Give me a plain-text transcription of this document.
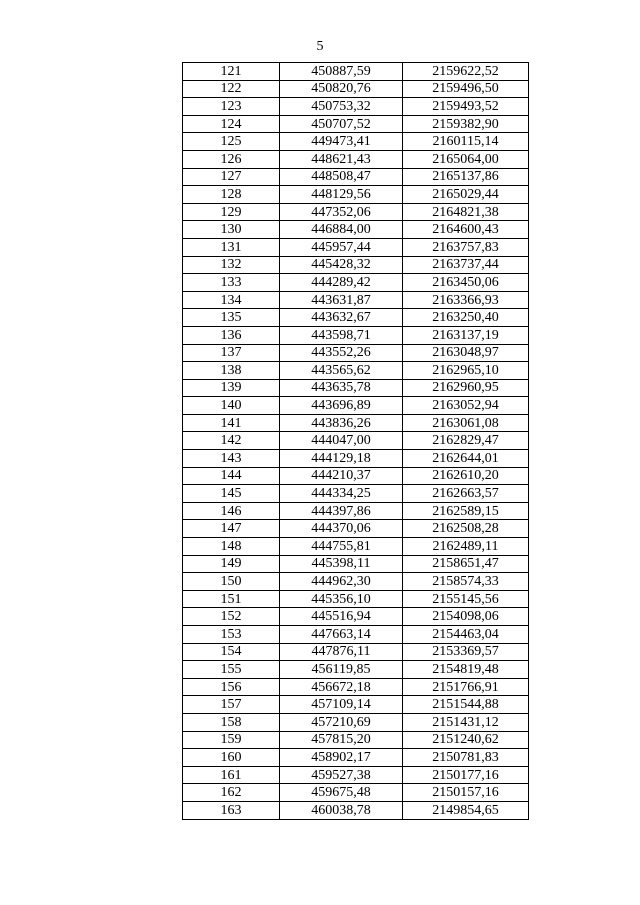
5
121	450887,59	2159622,52
122	450820,76	2159496,50
123	450753,32	2159493,52
124	450707,52	2159382,90
125	449473,41	2160115,14
126	448621,43	2165064,00
127	448508,47	2165137,86
128	448129,56	2165029,44
129	447352,06	2164821,38
130	446884,00	2164600,43
131	445957,44	2163757,83
132	445428,32	2163737,44
133	444289,42	2163450,06
134	443631,87	2163366,93
135	443632,67	2163250,40
136	443598,71	2163137,19
137	443552,26	2163048,97
138	443565,62	2162965,10
139	443635,78	2162960,95
140	443696,89	2163052,94
141	443836,26	2163061,08
142	444047,00	2162829,47
143	444129,18	2162644,01
144	444210,37	2162610,20
145	444334,25	2162663,57
146	444397,86	2162589,15
147	444370,06	2162508,28
148	444755,81	2162489,11
149	445398,11	2158651,47
150	444962,30	2158574,33
151	445356,10	2155145,56
152	445516,94	2154098,06
153	447663,14	2154463,04
154	447876,11	2153369,57
155	456119,85	2154819,48
156	456672,18	2151766,91
157	457109,14	2151544,88
158	457210,69	2151431,12
159	457815,20	2151240,62
160	458902,17	2150781,83
161	459527,38	2150177,16
162	459675,48	2150157,16
163	460038,78	2149854,65
